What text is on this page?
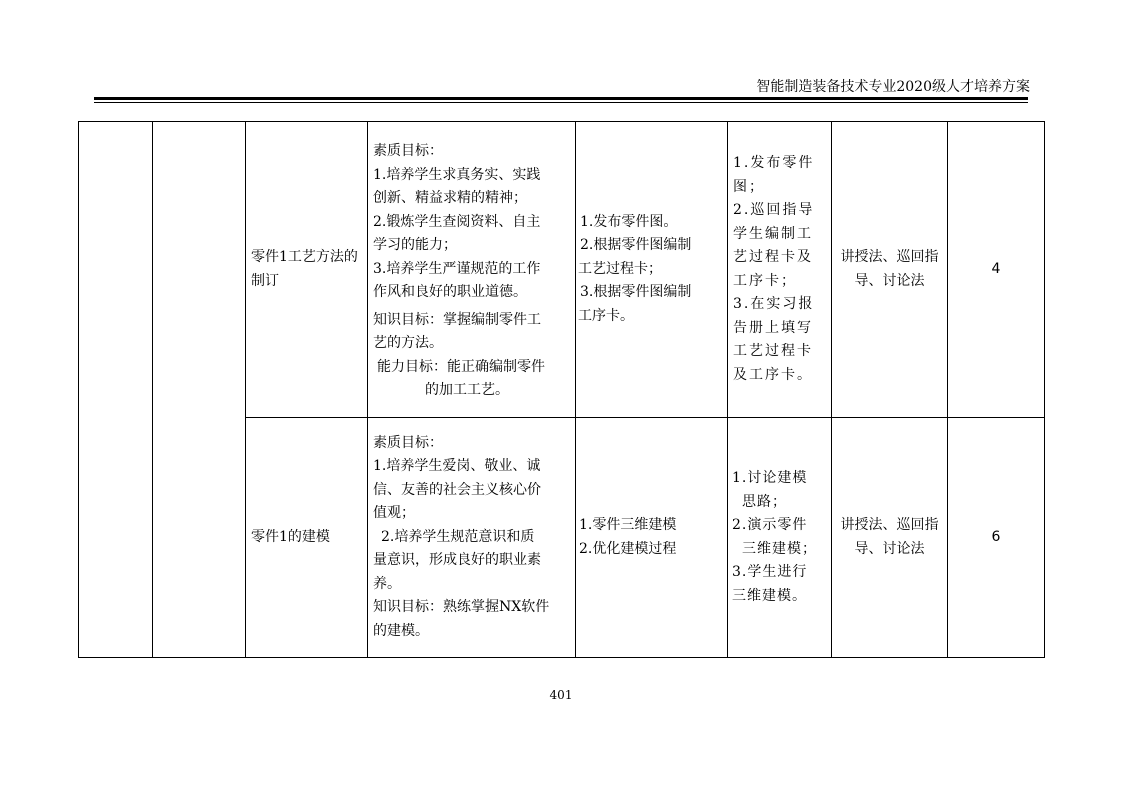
智能制造装备技术专业2020级人才培养方案

零件1工艺方法的制订

素质目标：

1.培养学生求真务实、实践

创新、精益求精的精神；

2.锻炼学生查阅资料、自主

学习的能力；

3.培养学生严谨规范的工作

作风和良好的职业道德。

知识目标：掌握编制零件工

艺的方法。

能力目标：能正确编制零件

的加工工艺。

1.发布零件图。

2.根据零件图编制

工艺过程卡；

3.根据零件图编制

工序卡。

1.发布零件

图；

2.巡回指导

学生编制工

艺过程卡及

工序卡；

3.在实习报

告册上填写

工艺过程卡

及工序卡。

讲授法、巡回指

导、讨论法

4

零件1的建模

素质目标：

1.培养学生爱岗、敬业、诚

信、友善的社会主义核心价

值观；

2.培养学生规范意识和质

量意识，形成良好的职业素

养。

知识目标：熟练掌握NX软件

的建模。

1.零件三维建模

2.优化建模过程

1.讨论建模

思路；

2.演示零件

三维建模；

3.学生进行

三维建模。

讲授法、巡回指

导、讨论法

6

401
